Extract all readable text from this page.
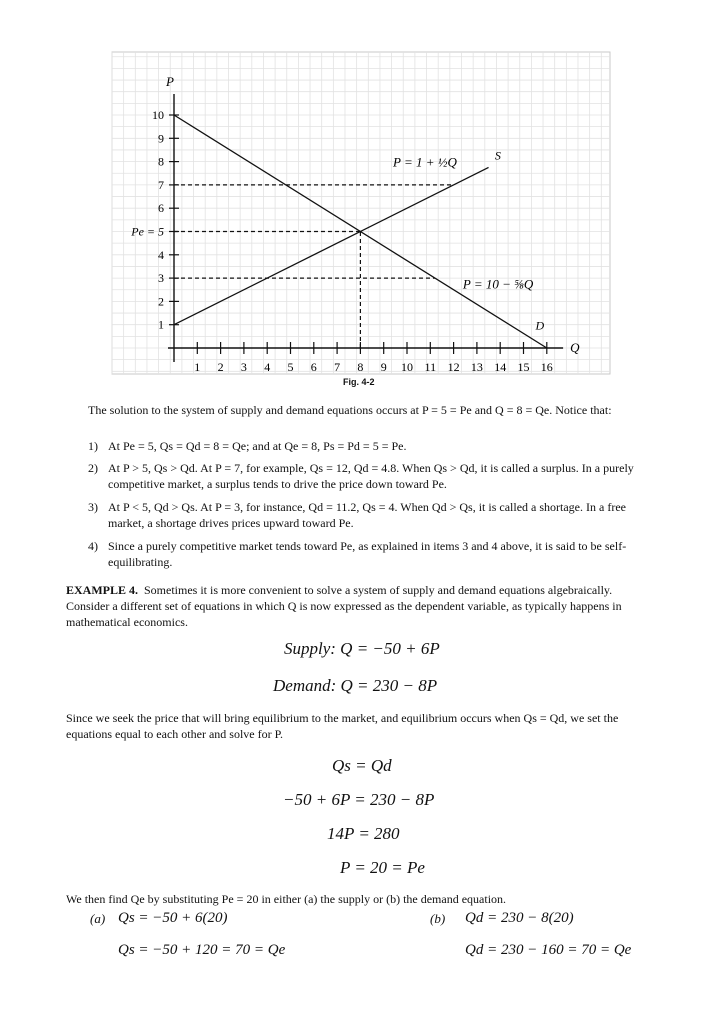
1
2
3
4
6
7
8
9
10
Pe = 5
1 2 3 4 5 6 7 8 9 10 11 12 13 14 15 16
P
Q
S
D
P = 1 + ½Q
P = 10 − ⅝Q
Fig. 4-2
The solution to the system of supply and demand equations occurs at P = 5 = Pe and Q = 8 = Qe. Notice that:
1) At Pe = 5, Qs = Qd = 8 = Qe; and at Qe = 8, Ps = Pd = 5 = Pe.
2) At P > 5, Qs > Qd. At P = 7, for example, Qs = 12, Qd = 4.8. When Qs > Qd, it is called a surplus. In a purely competitive market, a surplus tends to drive the price down toward Pe.
3) At P < 5, Qd > Qs. At P = 3, for instance, Qd = 11.2, Qs = 4. When Qd > Qs, it is called a shortage. In a free market, a shortage drives prices upward toward Pe.
4) Since a purely competitive market tends toward Pe, as explained in items 3 and 4 above, it is said to be self-equilibrating.
EXAMPLE 4. Sometimes it is more convenient to solve a system of supply and demand equations algebraically. Consider a different set of equations in which Q is now expressed as the dependent variable, as typically happens in mathematical economics.
Supply: Q = −50 + 6P
Demand: Q = 230 − 8P
Since we seek the price that will bring equilibrium to the market, and equilibrium occurs when Qs = Qd, we set the equations equal to each other and solve for P.
Qs = Qd
−50 + 6P = 230 − 8P
14P = 280
P = 20 = Pe
We then find Qe by substituting Pe = 20 in either (a) the supply or (b) the demand equation.
(a) Qs = −50 + 6(20)
Qs = −50 + 120 = 70 = Qe
(b) Qd = 230 − 8(20)
Qd = 230 − 160 = 70 = Qe
